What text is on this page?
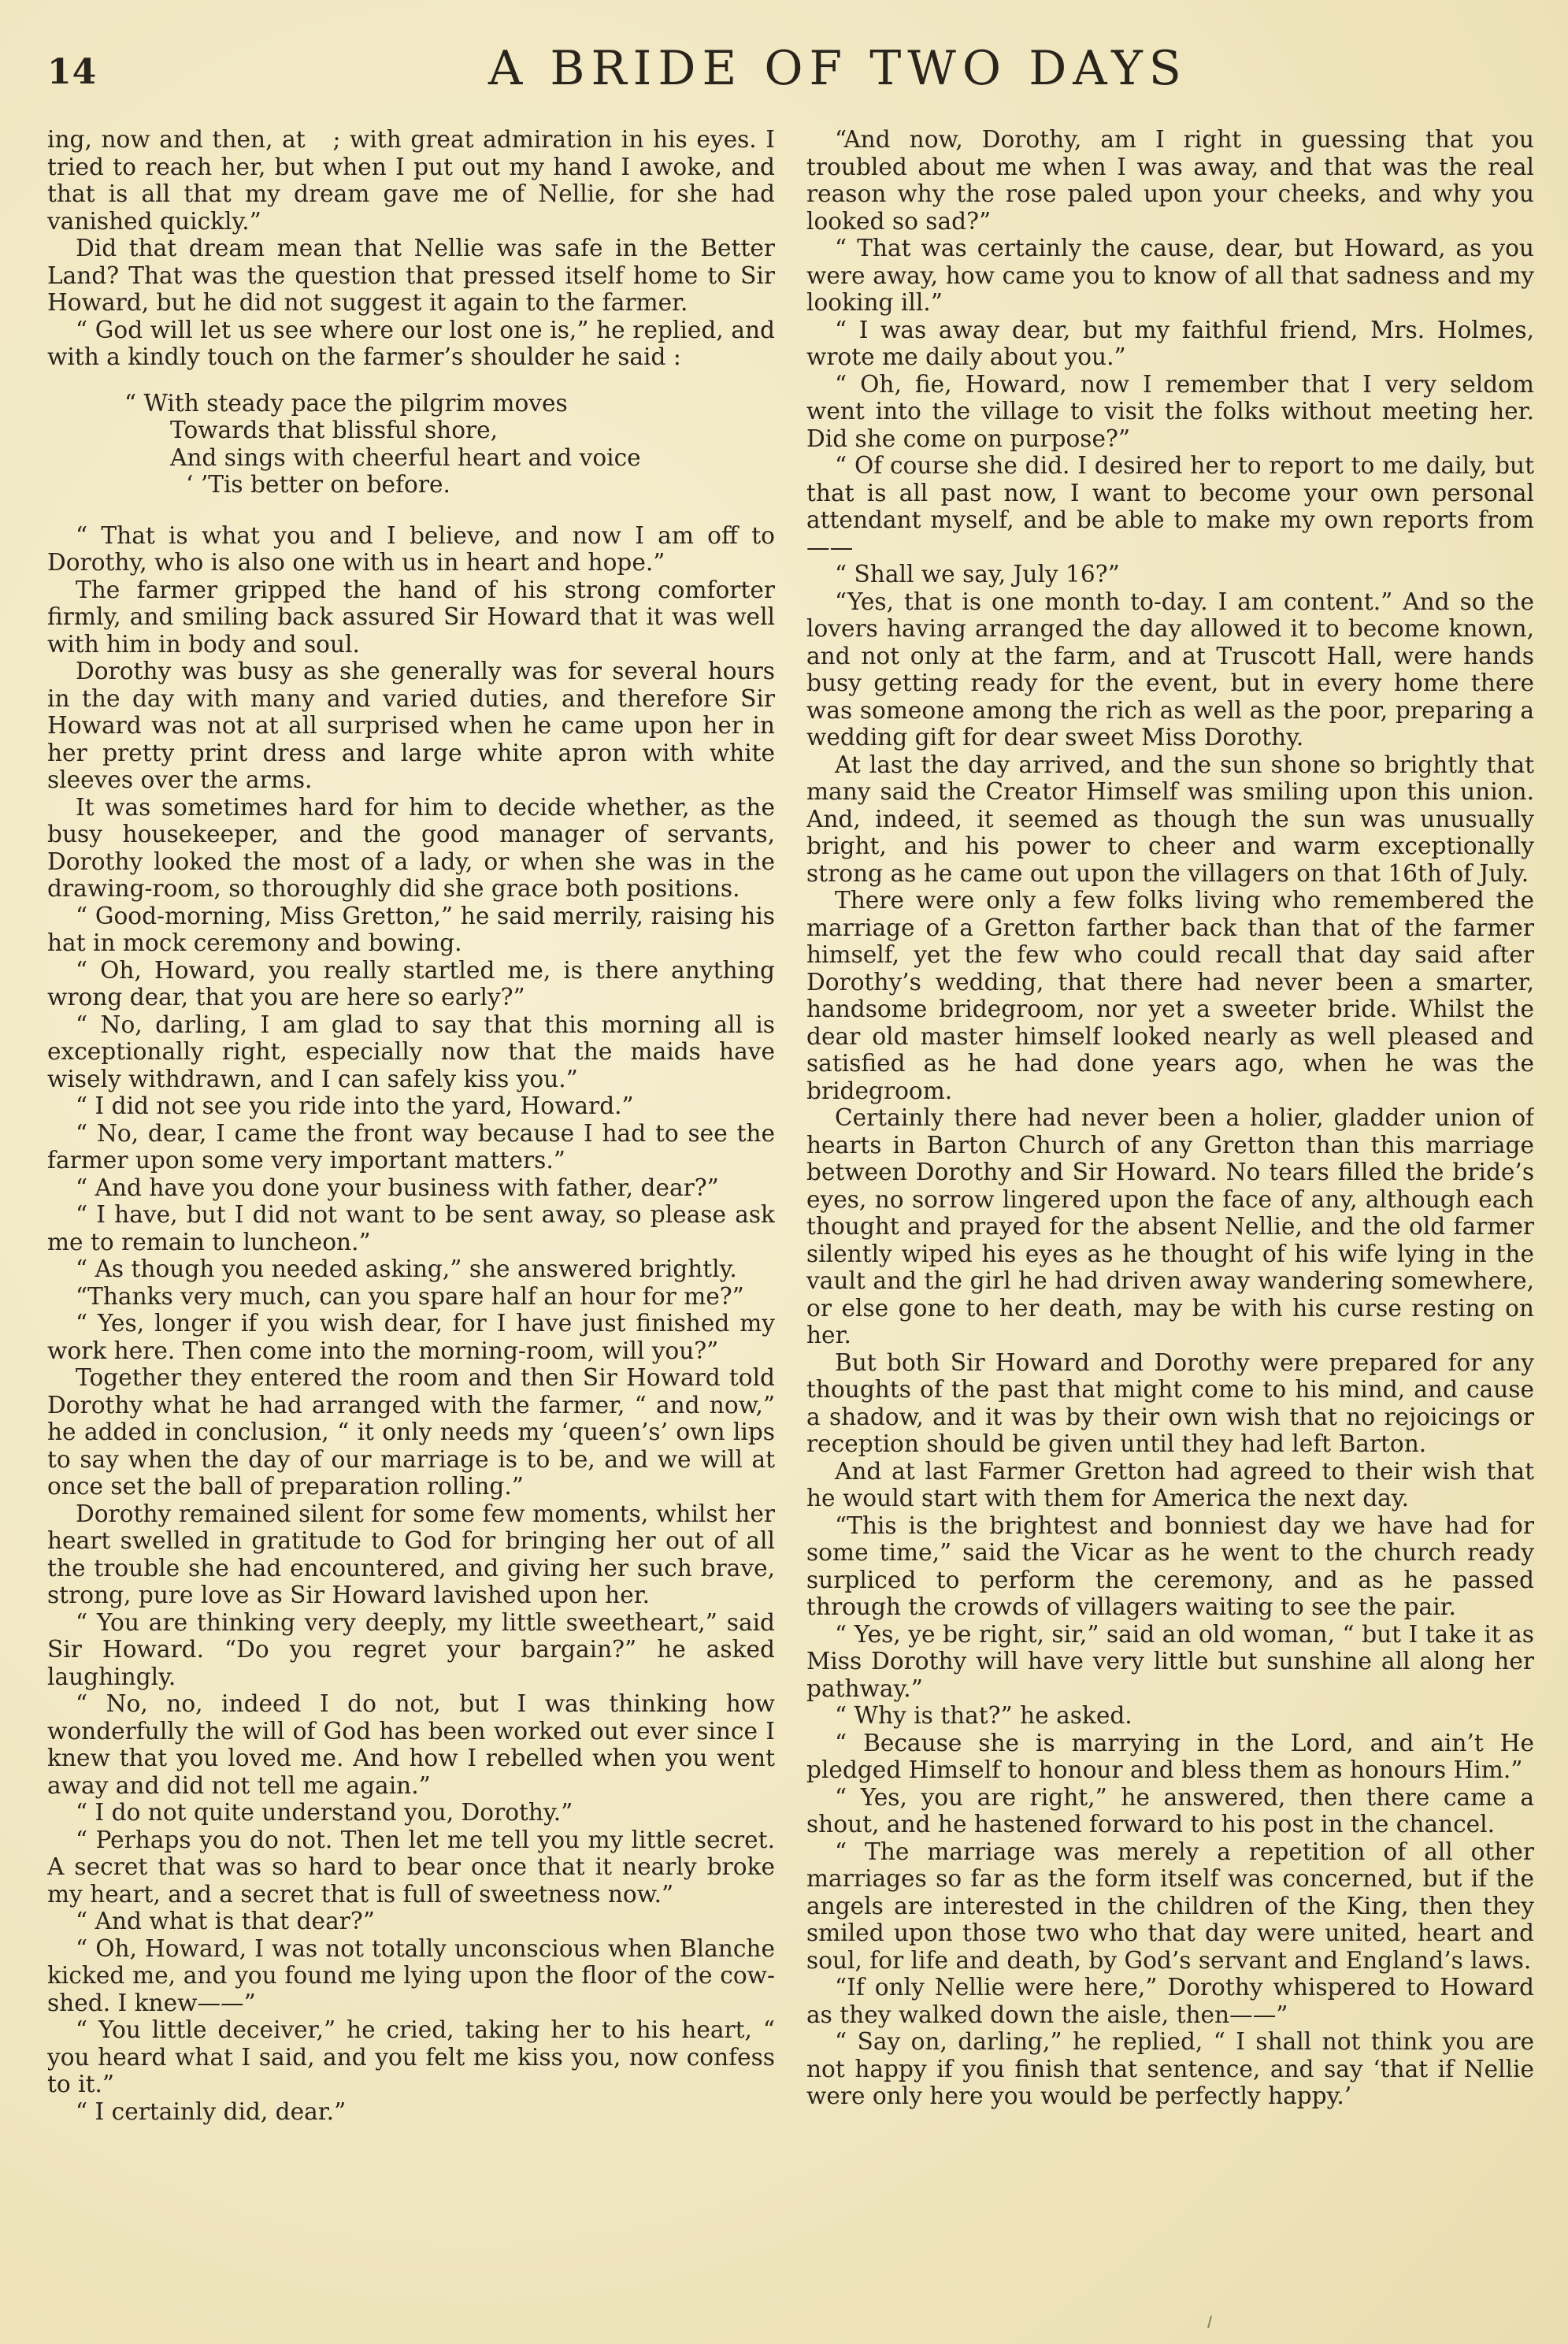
14	A BRIDE OF TWO DAYS

ing, now and then, at   ; with great admiration in his eyes. I tried to reach her, but when I put out my hand I awoke, and that is all that my dream gave me of Nellie, for she had vanished quickly.”

Did that dream mean that Nellie was safe in the Better Land? That was the question that pressed itself home to Sir Howard, but he did not suggest it again to the farmer.

“ God will let us see where our lost one is,” he replied, and with a kindly touch on the farmer’s shoulder he said :

“ With steady pace the pilgrim moves
Towards that blissful shore,
And sings with cheerful heart and voice
‘ ’Tis better on before.

“ That is what you and I believe, and now I am off to Dorothy, who is also one with us in heart and hope.”

The farmer gripped the hand of his strong comforter firmly, and smiling back assured Sir Howard that it was well with him in body and soul.

Dorothy was busy as she generally was for several hours in the day with many and varied duties, and therefore Sir Howard was not at all surprised when he came upon her in her pretty print dress and large white apron with white sleeves over the arms.

It was sometimes hard for him to decide whether, as the busy housekeeper, and the good manager of servants, Dorothy looked the most of a lady, or when she was in the drawing-room, so thoroughly did she grace both positions.

“ Good-morning, Miss Gretton,” he said merrily, raising his hat in mock ceremony and bowing.

“ Oh, Howard, you really startled me, is there anything wrong dear, that you are here so early?”

“ No, darling, I am glad to say that this morning all is exceptionally right, especially now that the maids have wisely withdrawn, and I can safely kiss you.”

“ I did not see you ride into the yard, Howard.”

“ No, dear, I came the front way because I had to see the farmer upon some very important matters.”

“ And have you done your business with father, dear?”

“ I have, but I did not want to be sent away, so please ask me to remain to luncheon.”

“ As though you needed asking,” she answered brightly.

“Thanks very much, can you spare half an hour for me?”

“ Yes, longer if you wish dear, for I have just finished my work here. Then come into the morning-room, will you?”

Together they entered the room and then Sir Howard told Dorothy what he had arranged with the farmer, “ and now,” he added in conclusion, “ it only needs my ‘queen’s’ own lips to say when the day of our marriage is to be, and we will at once set the ball of preparation rolling.”

Dorothy remained silent for some few moments, whilst her heart swelled in gratitude to God for bringing her out of all the trouble she had encountered, and giving her such brave, strong, pure love as Sir Howard lavished upon her.

“ You are thinking very deeply, my little sweetheart,” said Sir Howard. “Do you regret your bargain?” he asked laughingly.

“ No, no, indeed I do not, but I was thinking how wonderfully the will of God has been worked out ever since I knew that you loved me. And how I rebelled when you went away and did not tell me again.”

“ I do not quite understand you, Dorothy.”

“ Perhaps you do not. Then let me tell you my little secret. A secret that was so hard to bear once that it nearly broke my heart, and a secret that is full of sweetness now.”

“ And what is that dear?”

“ Oh, Howard, I was not totally unconscious when Blanche kicked me, and you found me lying upon the floor of the cow-shed. I knew——”

“ You little deceiver,” he cried, taking her to his heart, “ you heard what I said, and you felt me kiss you, now confess to it.”

“ I certainly did, dear.”

“And now, Dorothy, am I right in guessing that you troubled about me when I was away, and that was the real reason why the rose paled upon your cheeks, and why you looked so sad?”

“ That was certainly the cause, dear, but Howard, as you were away, how came you to know of all that sadness and my looking ill.”

“ I was away dear, but my faithful friend, Mrs. Holmes, wrote me daily about you.”

“ Oh, fie, Howard, now I remember that I very seldom went into the village to visit the folks without meeting her. Did she come on purpose?”

“ Of course she did. I desired her to report to me daily, but that is all past now, I want to become your own personal attendant myself, and be able to make my own reports from——

“ Shall we say, July 16?”

“Yes, that is one month to-day. I am content.” And so the lovers having arranged the day allowed it to become known, and not only at the farm, and at Truscott Hall, were hands busy getting ready for the event, but in every home there was someone among the rich as well as the poor, preparing a wedding gift for dear sweet Miss Dorothy.

At last the day arrived, and the sun shone so brightly that many said the Creator Himself was smiling upon this union. And, indeed, it seemed as though the sun was unusually bright, and his power to cheer and warm exceptionally strong as he came out upon the villagers on that 16th of July.

There were only a few folks living who remembered the marriage of a Gretton farther back than that of the farmer himself, yet the few who could recall that day said after Dorothy’s wedding, that there had never been a smarter, handsome bridegroom, nor yet a sweeter bride. Whilst the dear old master himself looked nearly as well pleased and satisfied as he had done years ago, when he was the bridegroom.

Certainly there had never been a holier, gladder union of hearts in Barton Church of any Gretton than this marriage between Dorothy and Sir Howard. No tears filled the bride’s eyes, no sorrow lingered upon the face of any, although each thought and prayed for the absent Nellie, and the old farmer silently wiped his eyes as he thought of his wife lying in the vault and the girl he had driven away wandering somewhere, or else gone to her death, may be with his curse resting on her.

But both Sir Howard and Dorothy were prepared for any thoughts of the past that might come to his mind, and cause a shadow, and it was by their own wish that no rejoicings or reception should be given until they had left Barton.

And at last Farmer Gretton had agreed to their wish that he would start with them for America the next day.

“This is the brightest and bonniest day we have had for some time,” said the Vicar as he went to the church ready surpliced to perform the ceremony, and as he passed through the crowds of villagers waiting to see the pair.

“ Yes, ye be right, sir,” said an old woman, “ but I take it as Miss Dorothy will have very little but sunshine all along her pathway.”

“ Why is that?” he asked.

“ Because she is marrying in the Lord, and ain’t He pledged Himself to honour and bless them as honours Him.”

“ Yes, you are right,” he answered, then there came a shout, and he hastened forward to his post in the chancel.

“ The marriage was merely a repetition of all other marriages so far as the form itself was concerned, but if the angels are interested in the children of the King, then they smiled upon those two who that day were united, heart and soul, for life and death, by God’s servant and England’s laws.

“If only Nellie were here,” Dorothy whispered to Howard as they walked down the aisle, then——”

“ Say on, darling,” he replied, “ I shall not think you are not happy if you finish that sentence, and say ‘that if Nellie were only here you would be perfectly happy.’
